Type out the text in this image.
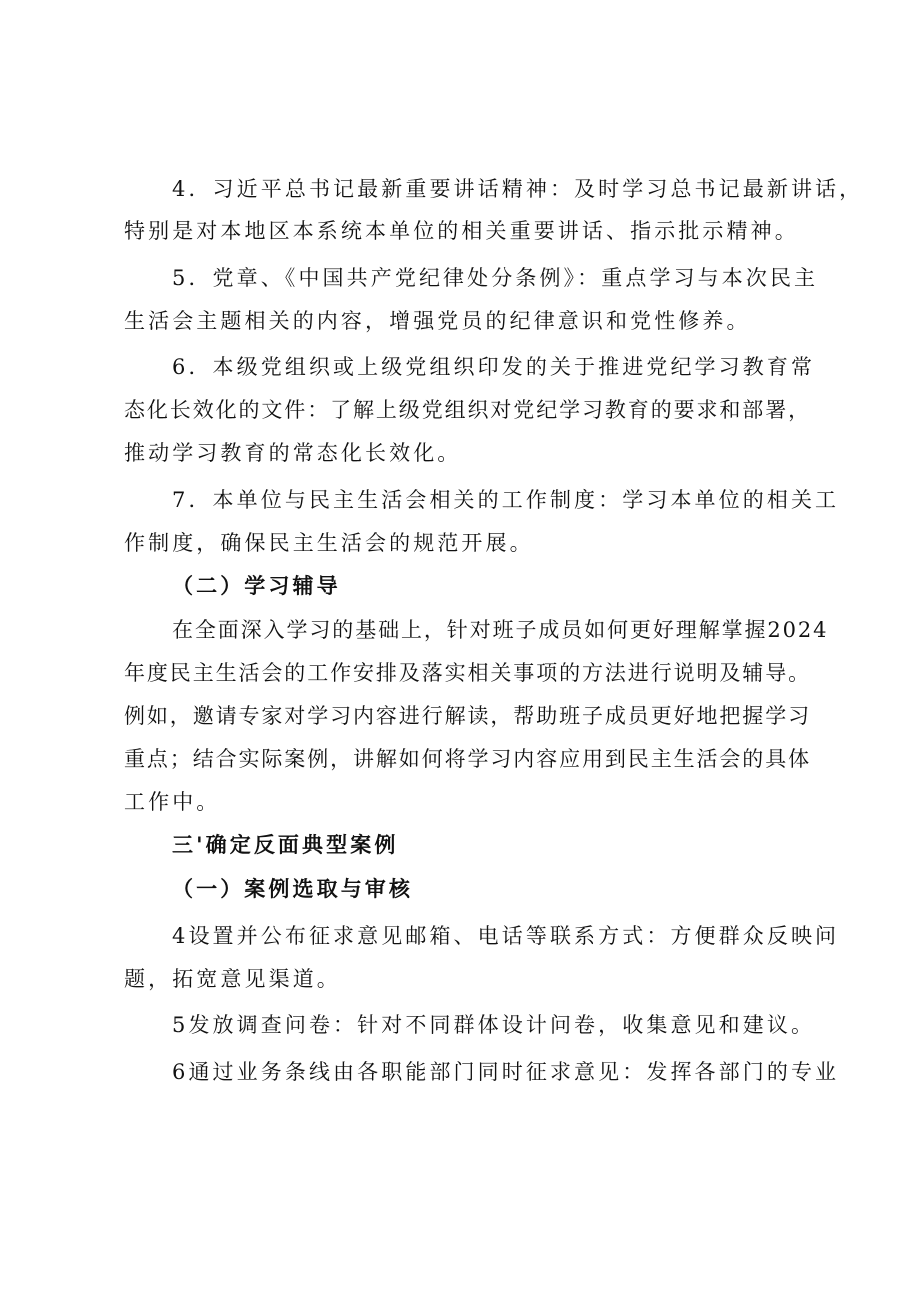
4．习近平总书记最新重要讲话精神：及时学习总书记最新讲话，
特别是对本地区本系统本单位的相关重要讲话、指示批示精神。
5．党章、《中国共产党纪律处分条例》：重点学习与本次民主
生活会主题相关的内容，增强党员的纪律意识和党性修养。
6．本级党组织或上级党组织印发的关于推进党纪学习教育常
态化长效化的文件：了解上级党组织对党纪学习教育的要求和部署，
推动学习教育的常态化长效化。
7．本单位与民主生活会相关的工作制度：学习本单位的相关工
作制度，确保民主生活会的规范开展。
（二）学习辅导
在全面深入学习的基础上，针对班子成员如何更好理解掌握2024
年度民主生活会的工作安排及落实相关事项的方法进行说明及辅导。
例如，邀请专家对学习内容进行解读，帮助班子成员更好地把握学习
重点；结合实际案例，讲解如何将学习内容应用到民主生活会的具体
工作中。
三'确定反面典型案例
（一）案例选取与审核
4设置并公布征求意见邮箱、电话等联系方式：方便群众反映问
题，拓宽意见渠道。
5发放调查问卷：针对不同群体设计问卷，收集意见和建议。
6通过业务条线由各职能部门同时征求意见：发挥各部门的专业
